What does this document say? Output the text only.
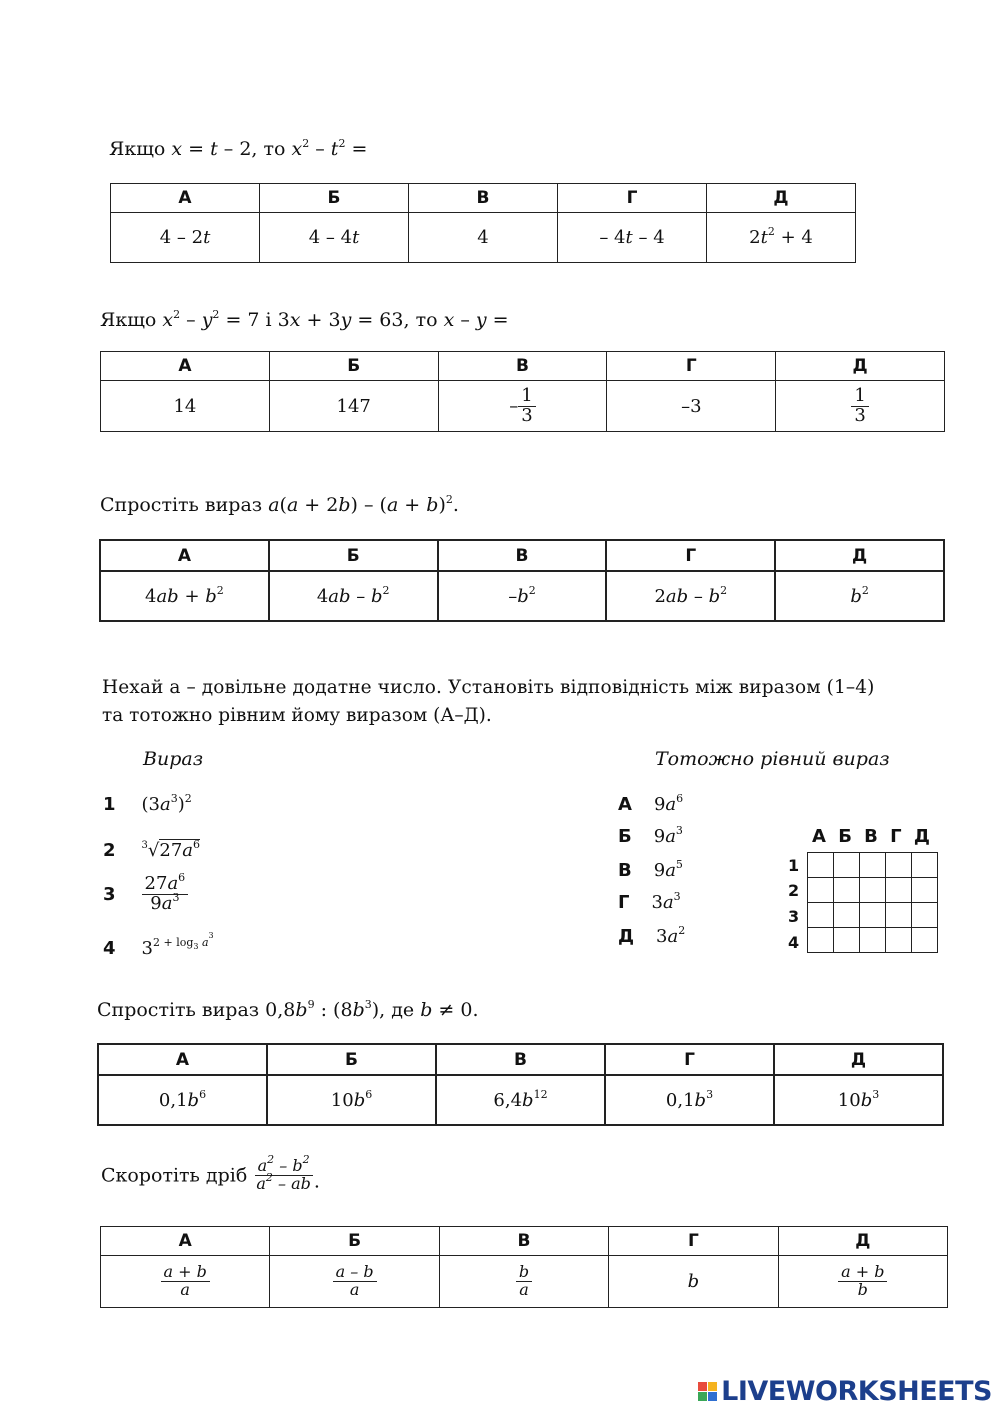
Якщо x = t – 2, то $x^2 - t^2$ =
А	Б	В	Г	Д
4 – 2t	4 – 4t	4	– 4t – 4	$2t^2 + 4$
Якщо $x^2 - y^2 = 7$ і 3x + 3y = 63, то x – y =
А	Б	В	Г	Д
14	147	– $\frac{1}{3}$	–3	$\frac{1}{3}$
Спростіть вираз $a(a + 2b) - (a + b)^2$.
А	Б	В	Г	Д
$4ab + b^2$	$4ab - b^2$	$-b^2$	$2ab - b^2$	$b^2$
Нехай a – довільне додатне число. Установіть відповідність між виразом (1–4)
та тотожно рівним йому виразом (А–Д).
Вираз	Тотожно рівний вираз
1 $(3a^3)^2$
2	$^3√27a^6$
$3 \frac{27a^6}{9a^3}$
4 $3^{2 + log_3 a^3}$
А $9a^6$
Б $9a^3$
В $9a^5$
Г $3a^3$
Д $3a^2$
А Б В Г Д
1
2
3
4

Спростіть вираз $0,8b^9$ : $(8b^3)$, де b ≠ 0.
А	Б	В	Г	Д
$0,1b^6$	$10b^6$	$6,4b^{12}$	$0,1b^3$	$10b^3$
Скоротіть дріб $\frac{a^2 - b^2}{a^2 - ab}$ .
А	Б	В	Г	Д

$\frac{a + b}{a}$	$\frac{a - b}{a}$	$\frac{b}{a}$	b	$\frac{a + b}{b}$
LIVEWORKSHEETS
